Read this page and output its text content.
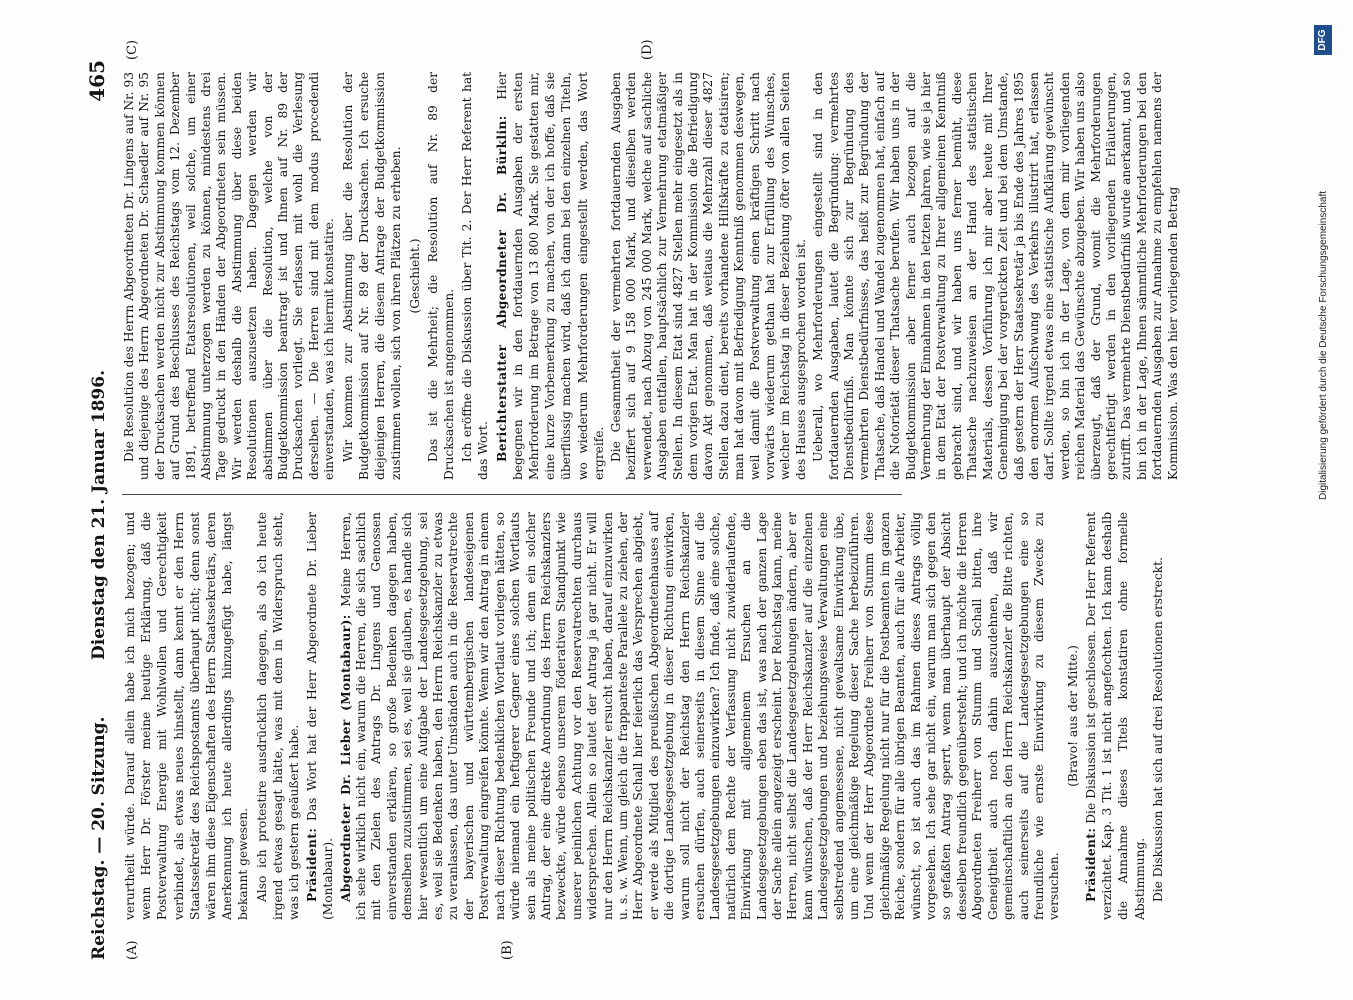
Reichstag. — 20. Sitzung.
Dienstag den 21. Januar 1896.
465
(A)	(B)
(C)	(D)

verurtheilt würde. Darauf allein habe ich mich bezogen; und wenn Herr Dr. Förster meine heutige Erklärung, daß die Postverwaltung Energie mit Wohlwollen und Gerechtigkeit verbindet, als etwas neues hinstellt, dann kennt er den Herrn Staatssekretär des Reichspostamts überhaupt nicht; denn sonst wären ihm diese Eigenschaften des Herrn Staatssekretärs, deren Anerkennung ich heute allerdings hinzugefügt habe, längst bekannt gewesen. Also ich protestire ausdrücklich dagegen, als ob ich heute irgend etwas gesagt hätte, was mit dem in Widerspruch steht, was ich gestern geäußert habe. Präsident: Das Wort hat der Herr Abgeordnete Dr. Lieber (Montabaur). Abgeordneter Dr. Lieber (Montabaur): Meine Herren, ich sehe wirklich nicht ein, warum die Herren, die sich sachlich mit den Zielen des Antrags Dr. Lingens und Genossen einverstanden erklären, so große Bedenken dagegen haben, demselben zuzustimmen, sei es, weil sie glauben, es handle sich hier wesentlich um eine Aufgabe der Landesgesetzgebung, sei es, weil sie Bedenken haben, den Herrn Reichskanzler zu etwas zu veranlassen, das unter Umständen auch in die Reservatrechte der bayerischen und württembergischen landeseigenen Postverwaltung eingreifen könnte. Wenn wir den Antrag in einem nach dieser Richtung bedenklichen Wortlaut vorliegen hätten, so würde niemand ein heftigerer Gegner eines solchen Wortlauts sein als meine politischen Freunde und ich; denn ein solcher Antrag, der eine direkte Anordnung des Herrn Reichskanzlers bezweckte, würde ebenso unserem föderativen Standpunkt wie unserer peinlichen Achtung vor den Reservatrechten durchaus widersprechen. Allein so lautet der Antrag ja gar nicht. Er will nur den Herrn Reichskanzler ersucht haben, darauf einzuwirken u. s. w. Wenn, um gleich die frappanteste Parallele zu ziehen, der Herr Abgeordnete Schall hier feierlich das Versprechen abgiebt, er werde als Mitglied des preußischen Abgeordnetenhauses auf die dortige Landesgesetzgebung in dieser Richtung einwirken, warum soll nicht der Reichstag den Herrn Reichskanzler ersuchen dürfen, auch seinerseits in diesem Sinne auf die Landesgesetzgebungen einzuwirken? Ich finde, daß eine solche, natürlich dem Rechte der Verfassung nicht zuwiderlaufende, Einwirkung mit allgemeinem Ersuchen an die Landesgesetzgebungen eben das ist, was nach der ganzen Lage der Sache allein angezeigt erscheint. Der Reichstag kann, meine Herren, nicht selbst die Landesgesetzgebungen ändern, aber er kann wünschen, daß der Herr Reichskanzler auf die einzelnen Landesgesetzgebungen und beziehungsweise Verwaltungen eine selbstredend angemessene, nicht gewaltsame Einwirkung übe, um eine gleichmäßige Regelung dieser Sache herbeizuführen. Und wenn der Herr Abgeordnete Freiherr von Stumm diese gleichmäßige Regelung nicht nur für die Postbeamten im ganzen Reiche, sondern für alle übrigen Beamten, auch für alle Arbeiter, wünscht, so ist auch das im Rahmen dieses Antrags völlig vorgesehen. Ich sehe gar nicht ein, warum man sich gegen den so gefaßten Antrag sperrt, wenn man überhaupt der Absicht desselben freundlich gegenübersteht; und ich möchte die Herren Abgeordneten Freiherr von Stumm und Schall bitten, ihre Geneigtheit auch noch dahin auszudehnen, daß wir gemeinschaftlich an den Herrn Reichskanzler die Bitte richten, auch seinerseits auf die Landesgesetzgebungen eine so freundliche wie ernste Einwirkung zu diesem Zwecke zu versuchen.

(Bravo! aus der Mitte.)

Präsident: Die Diskussion ist geschlossen. Der Herr Referent verzichtet. Kap. 3 Tit. 1 ist nicht angefochten. Ich kann deshalb die Annahme dieses Titels konstatiren ohne formelle Abstimmung. Die Diskussion hat sich auf drei Resolutionen erstreckt.

Die Resolution des Herrn Abgeordneten Dr. Lingens auf Nr. 93 und diejenige des Herrn Abgeordneten Dr. Schaedler auf Nr. 95 der Drucksachen werden nicht zur Abstimmung kommen können auf Grund des Beschlusses des Reichstags vom 12. Dezember 1891, betreffend Etatsresolutionen, weil solche, um einer Abstimmung unterzogen werden zu können, mindestens drei Tage gedruckt in den Händen der Abgeordneten sein müssen. Wir werden deshalb die Abstimmung über diese beiden Resolutionen auszusetzen haben. Dagegen werden wir abstimmen über die Resolution, welche von der Budgetkommission beantragt ist und Ihnen auf Nr. 89 der Drucksachen vorliegt. Sie erlassen mit wohl die Verlesung derselben. — Die Herren sind mit dem modus procedendi einverstanden, was ich hiermit konstatire. Wir kommen zur Abstimmung über die Resolution der Budgetkommission auf Nr. 89 der Drucksachen. Ich ersuche diejenigen Herren, die diesem Antrage der Budgetkommission zustimmen wollen, sich von ihren Plätzen zu erheben. (Geschieht.) Das ist die Mehrheit; die Resolution auf Nr. 89 der Drucksachen ist angenommen. Ich eröffne die Diskussion über Tit. 2. Der Herr Referent hat das Wort. Berichterstatter Abgeordneter Dr. Bürklin: Hier begegnen wir in den fortdauernden Ausgaben der ersten Mehrforderung im Betrage von 13 800 Mark. Sie gestatten mir, eine kurze Vorbemerkung zu machen, von der ich hoffe, daß sie überflüssig machen wird, daß ich dann bei den einzelnen Titeln, wo wiederum Mehrforderungen eingestellt werden, das Wort ergreife. Die Gesammtheit der vermehrten fortdauernden Ausgaben beziffert sich auf 9 158 000 Mark, und dieselben werden verwendet, nach Abzug von 245 000 Mark, welche auf sachliche Ausgaben entfallen, hauptsächlich zur Vermehrung etatmäßiger Stellen. In diesem Etat sind 4827 Stellen mehr eingesetzt als in dem vorigen Etat. Man hat in der Kommission die Befriedigung davon Akt genommen, daß weitaus die Mehrzahl dieser 4827 Stellen dazu dient, bereits vorhandene Hilfskräfte zu etatisiren; man hat davon mit Befriedigung Kenntniß genommen deswegen, weil damit die Postverwaltung einen kräftigen Schritt nach vorwärts wiederum gethan hat zur Erfüllung des Wunsches, welcher im Reichstag in dieser Beziehung öfter von allen Seiten des Hauses ausgesprochen worden ist. Ueberall, wo Mehrforderungen eingestellt sind in den fortdauernden Ausgaben, lautet die Begründung: vermehrtes Dienstbedürfniß. Man könnte sich zur Begründung des vermehrten Dienstbedürfnisses, das heißt zur Begründung der Thatsache, daß Handel und Wandel zugenommen hat, einfach auf die Notorietät dieser Thatsache berufen. Wir haben uns in der Budgetkommission aber ferner auch bezogen auf die Vermehrung der Einnahmen in den letzten Jahren, wie sie ja hier in dem Etat der Postverwaltung zu Ihrer allgemeinen Kenntniß gebracht sind, und wir haben uns ferner bemüht, diese Thatsache nachzuweisen an der Hand des statistischen Materials, dessen Vorführung ich mir aber heute mit Ihrer Genehmigung bei der vorgerückten Zeit und bei dem Umstande, daß gestern der Herr Staatssekretär ja bis Ende des Jahres 1895 den enormen Aufschwung des Verkehrs illustrirt hat, erlassen darf. Sollte irgend etwas eine statistische Aufklärung gewünscht werden, so bin ich in der Lage, von dem mir vorliegenden reichen Material das Gewünschte abzugeben. Wir haben uns also überzeugt, daß der Grund, womit die Mehrforderungen gerechtfertigt werden in den vorliegenden Erläuterungen, zutrifft. Das vermehrte Dienstbedürfniß wurde anerkannt, und so bin ich in der Lage, Ihnen sämmtliche Mehrforderungen bei den fortdauernden Ausgaben zur Annahme zu empfehlen namens der Kommission. Was den hier vorliegenden Betrag	Digitalisierung gefördert durch die Deutsche Forschungsgemeinschaft
DFG
